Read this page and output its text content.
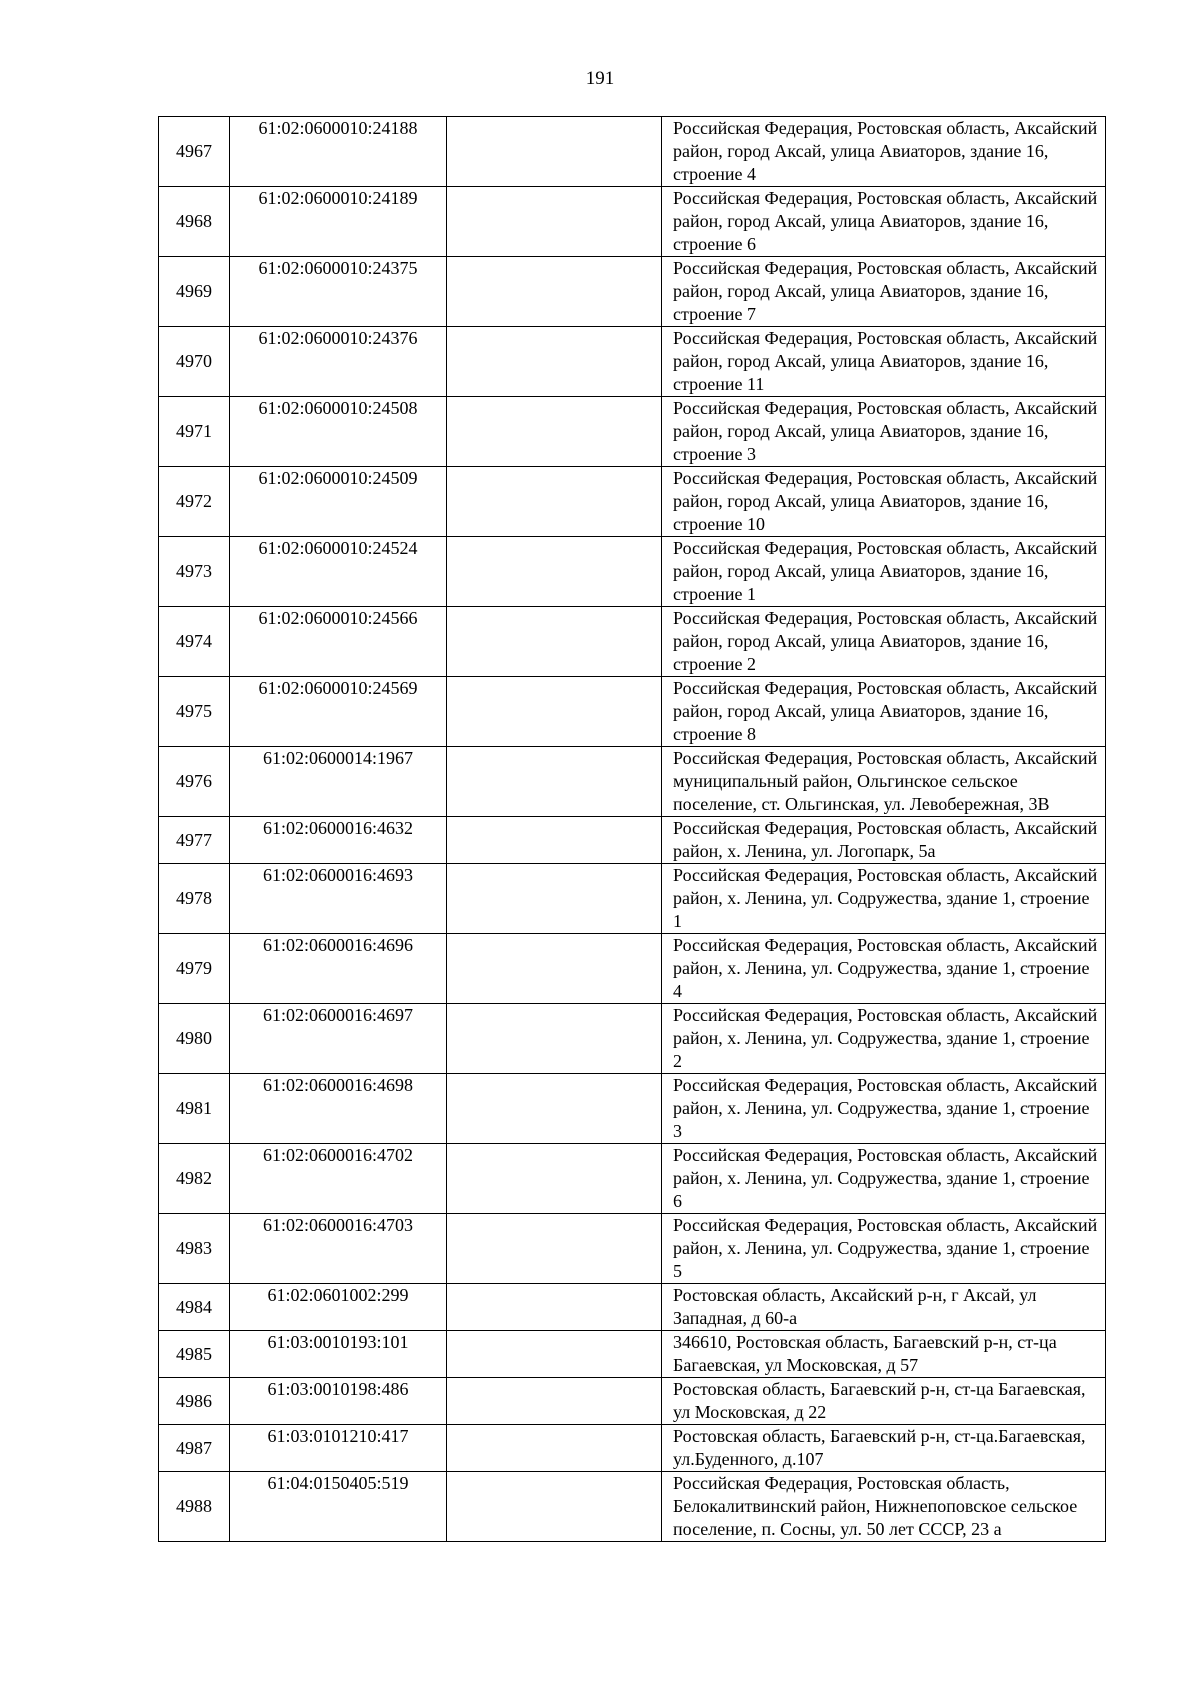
191
4967	61:02:0600010:24188		Российская Федерация, Ростовская область, Аксайский район, город Аксай, улица Авиаторов, здание 16, строение 4
4968	61:02:0600010:24189		Российская Федерация, Ростовская область, Аксайский район, город Аксай, улица Авиаторов, здание 16, строение 6
4969	61:02:0600010:24375		Российская Федерация, Ростовская область, Аксайский район, город Аксай, улица Авиаторов, здание 16, строение 7
4970	61:02:0600010:24376		Российская Федерация, Ростовская область, Аксайский район, город Аксай, улица Авиаторов, здание 16, строение 11
4971	61:02:0600010:24508		Российская Федерация, Ростовская область, Аксайский район, город Аксай, улица Авиаторов, здание 16, строение 3
4972	61:02:0600010:24509		Российская Федерация, Ростовская область, Аксайский район, город Аксай, улица Авиаторов, здание 16, строение 10
4973	61:02:0600010:24524		Российская Федерация, Ростовская область, Аксайский район, город Аксай, улица Авиаторов, здание 16, строение 1
4974	61:02:0600010:24566		Российская Федерация, Ростовская область, Аксайский район, город Аксай, улица Авиаторов, здание 16, строение 2
4975	61:02:0600010:24569		Российская Федерация, Ростовская область, Аксайский район, город Аксай, улица Авиаторов, здание 16, строение 8
4976	61:02:0600014:1967		Российская Федерация, Ростовская область, Аксайский муниципальный район, Ольгинское сельское поселение, ст. Ольгинская, ул. Левобережная, 3В
4977	61:02:0600016:4632		Российская Федерация, Ростовская область, Аксайский район, х. Ленина, ул. Логопарк, 5а
4978	61:02:0600016:4693		Российская Федерация, Ростовская область, Аксайский район, х. Ленина, ул. Содружества, здание 1, строение 1
4979	61:02:0600016:4696		Российская Федерация, Ростовская область, Аксайский район, х. Ленина, ул. Содружества, здание 1, строение 4
4980	61:02:0600016:4697		Российская Федерация, Ростовская область, Аксайский район, х. Ленина, ул. Содружества, здание 1, строение 2
4981	61:02:0600016:4698		Российская Федерация, Ростовская область, Аксайский район, х. Ленина, ул. Содружества, здание 1, строение 3
4982	61:02:0600016:4702		Российская Федерация, Ростовская область, Аксайский район, х. Ленина, ул. Содружества, здание 1, строение 6
4983	61:02:0600016:4703		Российская Федерация, Ростовская область, Аксайский район, х. Ленина, ул. Содружества, здание 1, строение 5
4984	61:02:0601002:299		Ростовская область, Аксайский р-н, г Аксай, ул Западная, д 60-а
4985	61:03:0010193:101		346610, Ростовская область, Багаевский р-н, ст-ца Багаевская, ул Московская, д 57
4986	61:03:0010198:486		Ростовская область, Багаевский р-н, ст-ца Багаевская, ул Московская, д 22
4987	61:03:0101210:417		Ростовская область, Багаевский р-н, ст-ца.Багаевская, ул.Буденного, д.107
4988	61:04:0150405:519		Российская Федерация, Ростовская область, Белокалитвинский район, Нижнепоповское сельское поселение, п. Сосны, ул. 50 лет СССР, 23 а
